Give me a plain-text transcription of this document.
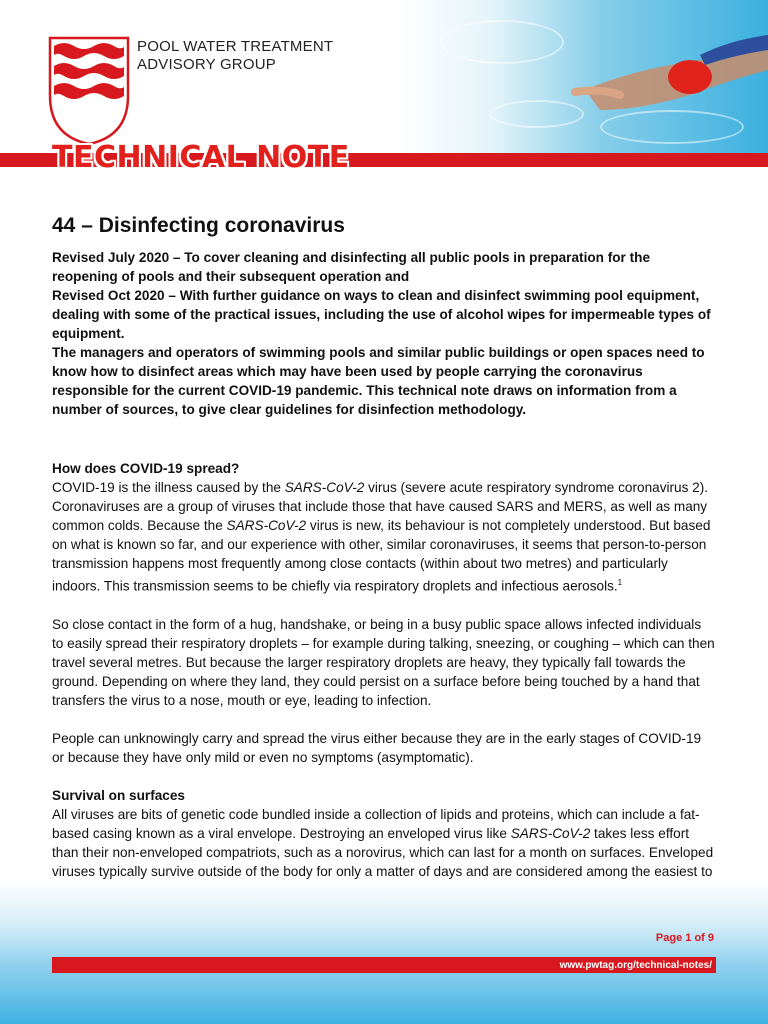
POOL WATER TREATMENT
ADVISORY GROUP
TECHNICAL NOTE
44 – Disinfecting coronavirus

Revised July 2020 – To cover cleaning and disinfecting all public pools in preparation for the reopening of pools and their subsequent operation and

Revised Oct 2020 – With further guidance on ways to clean and disinfect swimming pool equipment, dealing with some of the practical issues, including the use of alcohol wipes for impermeable types of equipment.

The managers and operators of swimming pools and similar public buildings or open spaces need to know how to disinfect areas which may have been used by people carrying the coronavirus responsible for the current COVID-19 pandemic. This technical note draws on information from a number of sources, to give clear guidelines for disinfection methodology.

How does COVID-19 spread?

COVID-19 is the illness caused by the SARS-CoV-2 virus (severe acute respiratory syndrome coronavirus 2). Coronaviruses are a group of viruses that include those that have caused SARS and MERS, as well as many common colds. Because the SARS-CoV-2 virus is new, its behaviour is not completely understood. But based on what is known so far, and our experience with other, similar coronaviruses, it seems that person-to-person transmission happens most frequently among close contacts (within about two metres) and particularly indoors. This transmission seems to be chiefly via respiratory droplets and infectious aerosols.$^1$

So close contact in the form of a hug, handshake, or being in a busy public space allows infected individuals to easily spread their respiratory droplets – for example during talking, sneezing, or coughing – which can then travel several metres. But because the larger respiratory droplets are heavy, they typically fall towards the ground. Depending on where they land, they could persist on a surface before being touched by a hand that transfers the virus to a nose, mouth or eye, leading to infection.

People can unknowingly carry and spread the virus either because they are in the early stages of COVID-19 or because they have only mild or even no symptoms (asymptomatic).

Survival on surfaces

All viruses are bits of genetic code bundled inside a collection of lipids and proteins, which can include a fat-based casing known as a viral envelope. Destroying an enveloped virus like SARS-CoV-2 takes less effort than their non-enveloped compatriots, such as a norovirus, which can last for a month on surfaces. Enveloped viruses typically survive outside of the body for only a matter of days and are considered among the easiest to

Page 1 of 9
www.pwtag.org/technical-notes/
